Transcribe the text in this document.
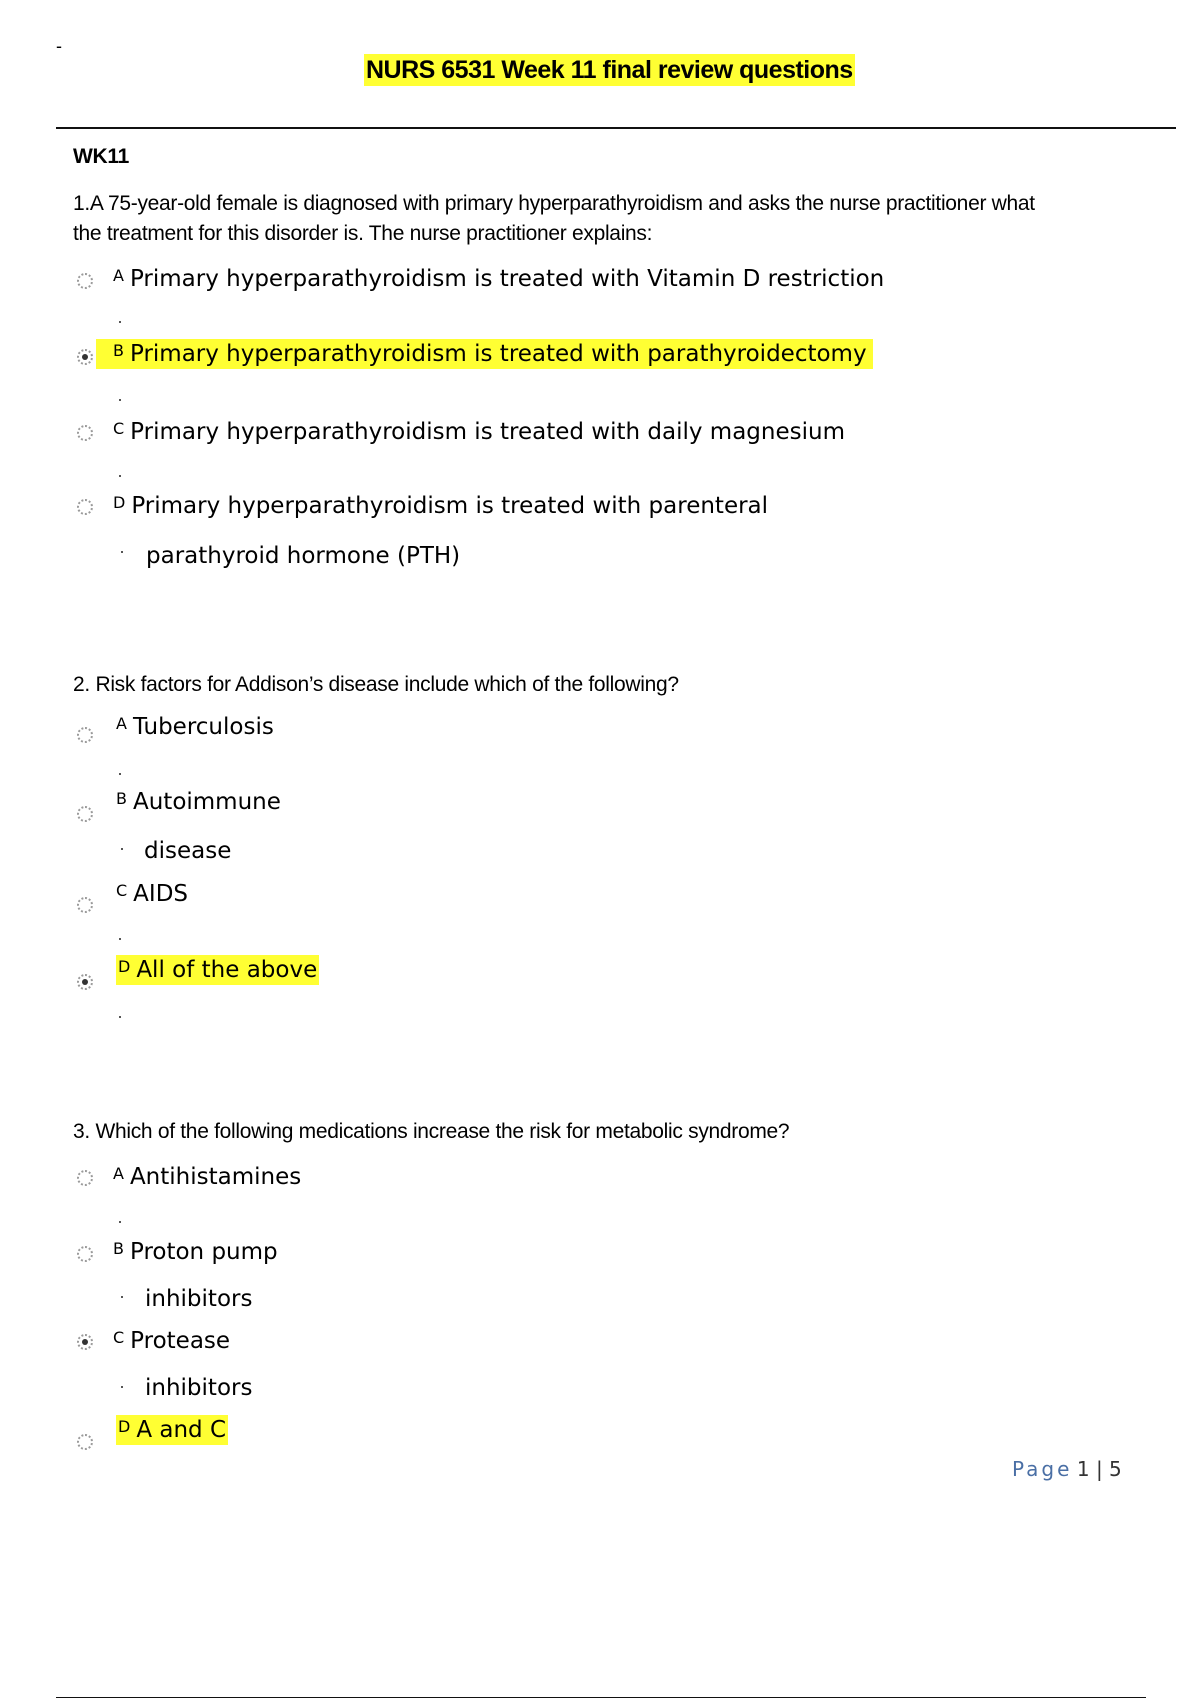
-
NURS 6531 Week 11 final review questions
WK11
1.A 75-year-old female is diagnosed with primary hyperparathyroidism and asks the nurse practitioner what
the treatment for this disorder is. The nurse practitioner explains:
$^A$ Primary hyperparathyroidism is treated with Vitamin D restriction
$^B$ Primary hyperparathyroidism is treated with parathyroidectomy
$^C$ Primary hyperparathyroidism is treated with daily magnesium
$^D$ Primary hyperparathyroidism is treated with parenteral
parathyroid hormone (PTH)
2. Risk factors for Addison’s disease include which of the following?
$^A$ Tuberculosis
$^B$ Autoimmune
disease
$^C$ AIDS
$^D$ All of the above
3. Which of the following medications increase the risk for metabolic syndrome?
$^A$ Antihistamines
$^B$ Proton pump
inhibitors
$^C$ Protease
inhibitors
$^D$ A and C
Page 1 | 5
